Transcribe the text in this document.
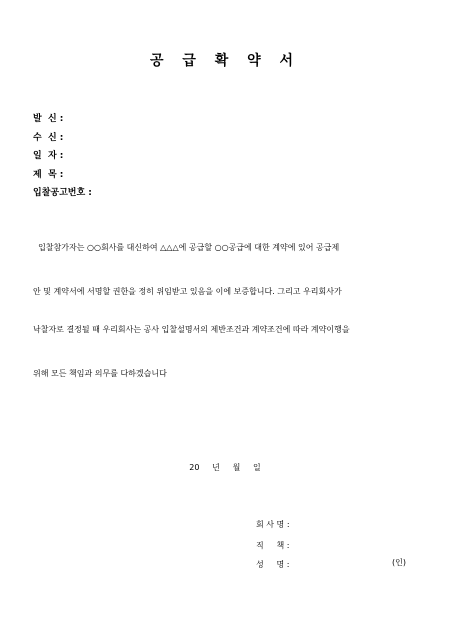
공 급 확 약 서
발  신 :
수  신 :
일  자 :
제  목 :
입찰공고번호 :
입찰참가자는 ○○회사를 대신하여 △△△에 공급할 ○○공급에 대한 계약에 있어 공급제
안 및 계약서에 서명할 권한을 정히 위임받고 있음을 이에 보증합니다. 그리고 우리회사가
낙찰자로 결정될 때 우리회사는 공사 입찰설명서의 제반조건과 계약조건에 따라 계약이행을
위해 모든 책임과 의무를 다하겠습니다
20     년     월     일
회 사 명 :
직     책 :
성     명 :	(인)
